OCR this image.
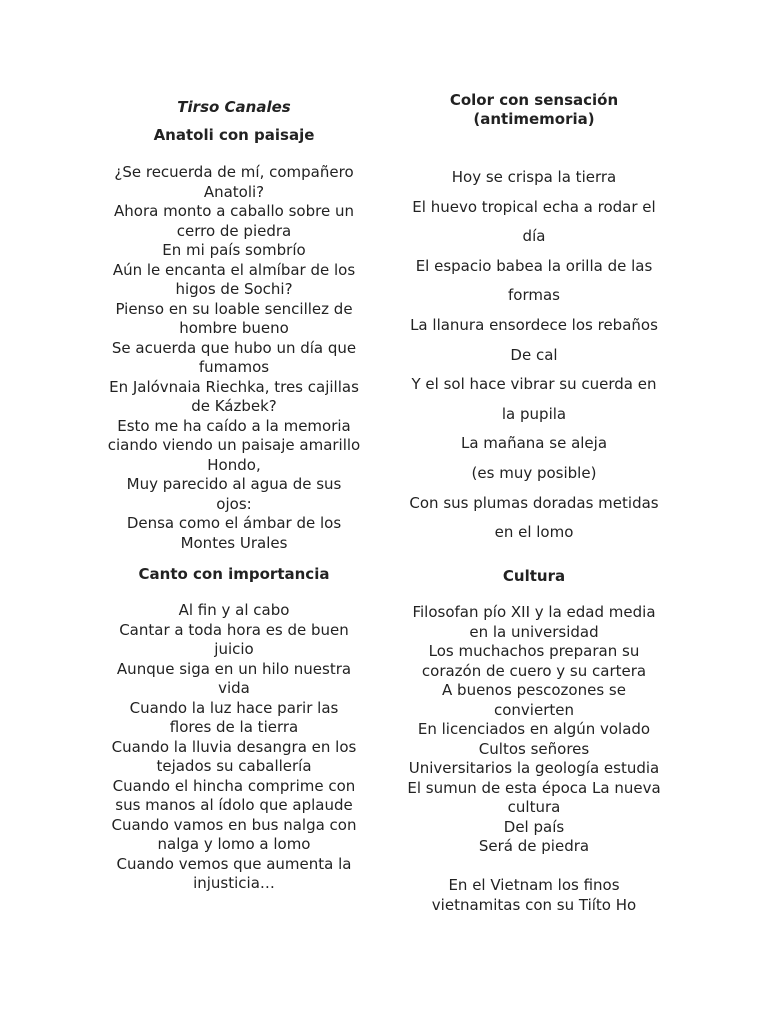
Tirso Canales
Anatoli con paisaje
¿Se recuerda de mí, compañero
Anatoli?
Ahora monto a caballo sobre un
cerro de piedra
En mi país sombrío
Aún le encanta el almíbar de los
higos de Sochi?
Pienso en su loable sencillez de
hombre bueno
Se acuerda que hubo un día que
fumamos
En Jalóvnaia Riechka, tres cajillas
de Kázbek?
Esto me ha caído a la memoria
ciando viendo un paisaje amarillo
Hondo,
Muy parecido al agua de sus
ojos:
Densa como el ámbar de los
Montes Urales
Canto con importancia
Al fin y al cabo
Cantar a toda hora es de buen
juicio
Aunque siga en un hilo nuestra
vida
Cuando la luz hace parir las
flores de la tierra
Cuando la lluvia desangra en los
tejados su caballería
Cuando el hincha comprime con
sus manos al ídolo que aplaude
Cuando vamos en bus nalga con
nalga y lomo a lomo
Cuando vemos que aumenta la
injusticia…
Color con sensación
(antimemoria)
Hoy se crispa la tierra
El huevo tropical echa a rodar el
día
El espacio babea la orilla de las
formas
La llanura ensordece los rebaños
De cal
Y el sol hace vibrar su cuerda en
la pupila
La mañana se aleja
(es muy posible)
Con sus plumas doradas metidas
en el lomo
Cultura
Filosofan pío XII y la edad media
en la universidad
Los muchachos preparan su
corazón de cuero y su cartera
A buenos pescozones se
convierten
En licenciados en algún volado
Cultos señores
Universitarios la geología estudia
El sumun de esta época La nueva
cultura
Del país
Será de piedra
En el Vietnam los finos
vietnamitas con su Tiíto Ho
